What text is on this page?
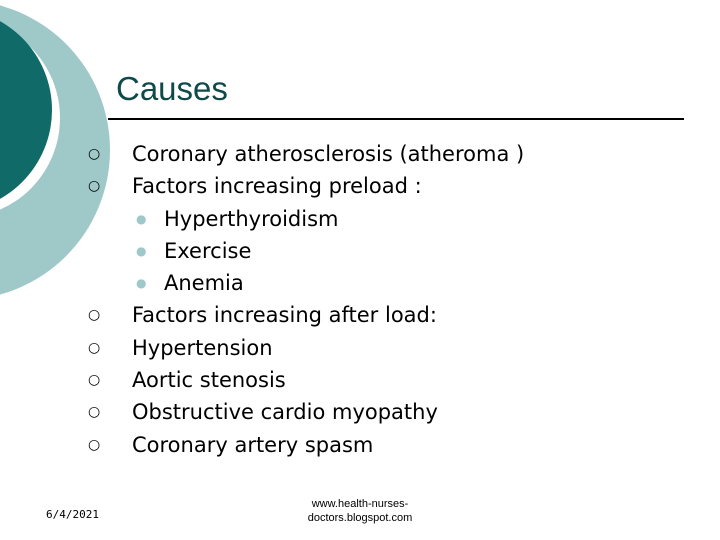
Causes
○ Coronary atherosclerosis (atheroma )
○ Factors increasing preload :
● Hyperthyroidism
● Exercise
● Anemia
○ Factors increasing after load:
○ Hypertension
○ Aortic stenosis
○ Obstructive cardio myopathy
○ Coronary artery spasm
6/4/2021
www.health-nurses-
doctors.blogspot.com
